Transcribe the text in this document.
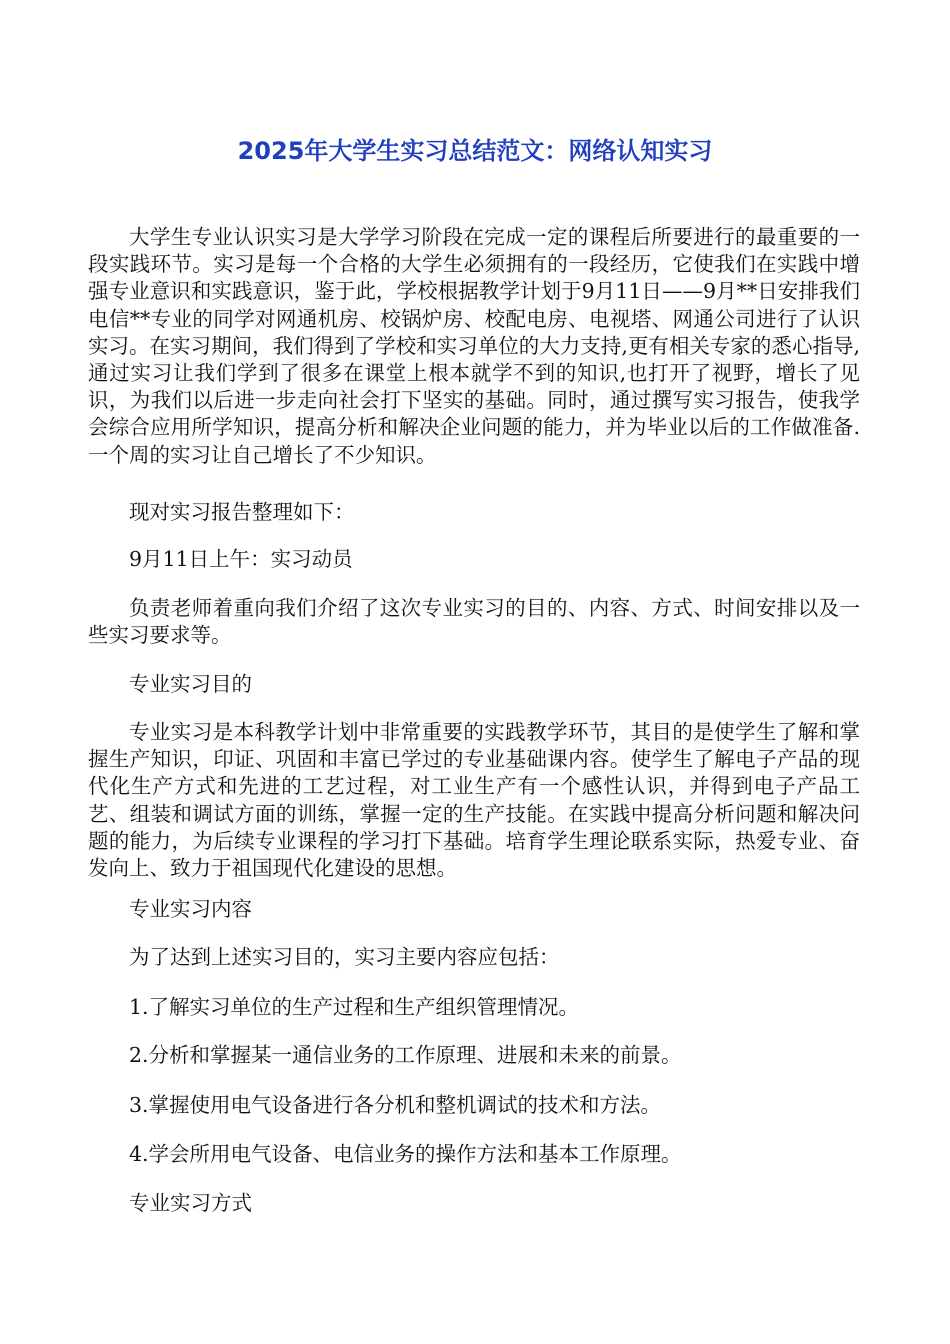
2025年大学生实习总结范文：网络认知实习

大学生专业认识实习是大学学习阶段在完成一定的课程后所要进行的最重要的一段实践环节。实习是每一个合格的大学生必须拥有的一段经历，它使我们在实践中增强专业意识和实践意识，鉴于此，学校根据教学计划于9月11日——9月**日安排我们电信**专业的同学对网通机房、校锅炉房、校配电房、电视塔、网通公司进行了认识实习。在实习期间，我们得到了学校和实习单位的大力支持,更有相关专家的悉心指导,通过实习让我们学到了很多在课堂上根本就学不到的知识,也打开了视野，增长了见识，为我们以后进一步走向社会打下坚实的基础。同时，通过撰写实习报告，使我学会综合应用所学知识，提高分析和解决企业问题的能力，并为毕业以后的工作做准备.一个周的实习让自己增长了不少知识。

现对实习报告整理如下：

9月11日上午：实习动员

负责老师着重向我们介绍了这次专业实习的目的、内容、方式、时间安排以及一些实习要求等。

专业实习目的

专业实习是本科教学计划中非常重要的实践教学环节，其目的是使学生了解和掌握生产知识，印证、巩固和丰富已学过的专业基础课内容。使学生了解电子产品的现代化生产方式和先进的工艺过程，对工业生产有一个感性认识，并得到电子产品工艺、组装和调试方面的训练，掌握一定的生产技能。在实践中提高分析问题和解决问题的能力，为后续专业课程的学习打下基础。培育学生理论联系实际，热爱专业、奋发向上、致力于祖国现代化建设的思想。

专业实习内容

为了达到上述实习目的，实习主要内容应包括：

1.了解实习单位的生产过程和生产组织管理情况。

2.分析和掌握某一通信业务的工作原理、进展和未来的前景。

3.掌握使用电气设备进行各分机和整机调试的技术和方法。

4.学会所用电气设备、电信业务的操作方法和基本工作原理。

专业实习方式
